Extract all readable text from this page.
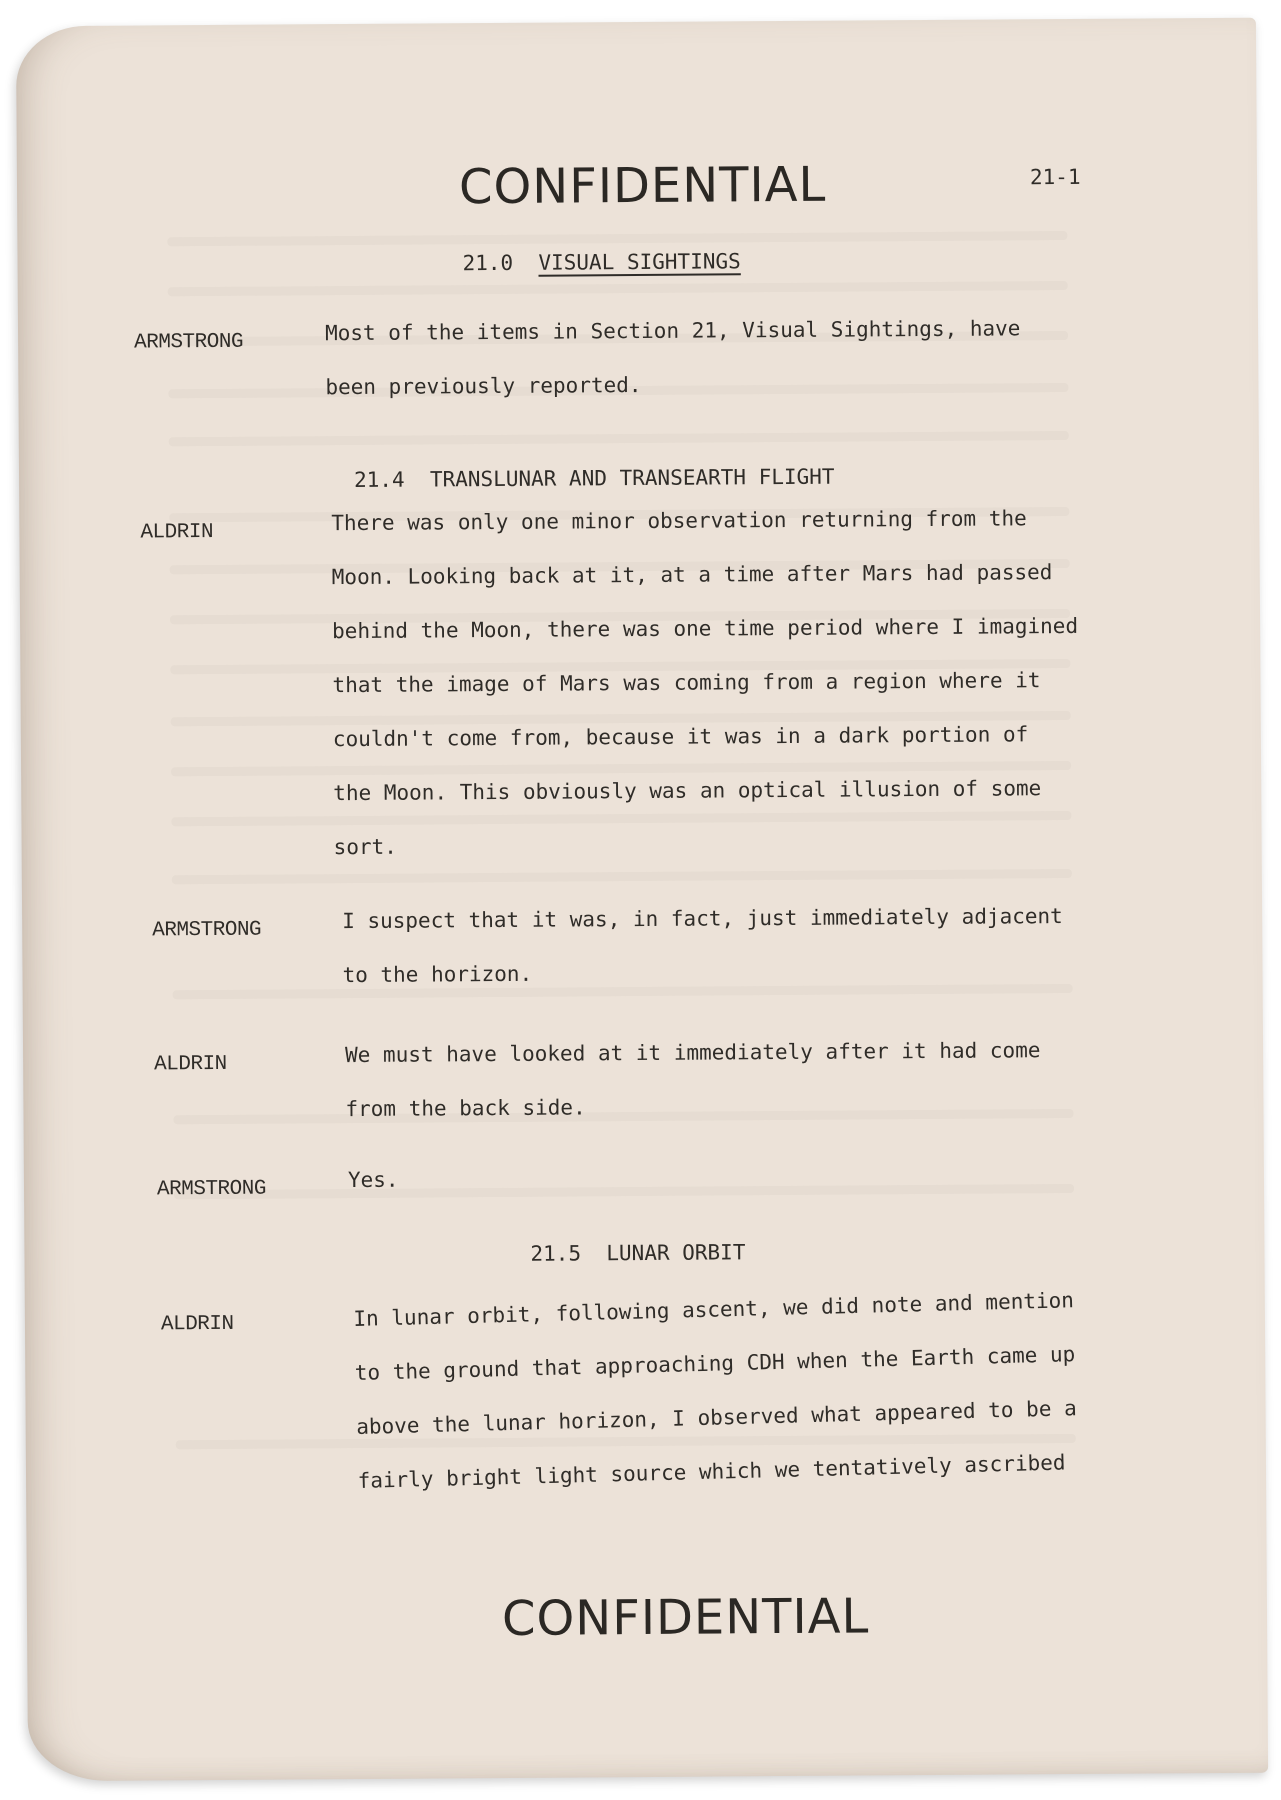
CONFIDENTIAL	21-1
21.0 VISUAL SIGHTINGS
ARMSTRONG	Most of the items in Section 21, Visual Sightings, have
been previously reported.
21.4 TRANSLUNAR AND TRANSEARTH FLIGHT
ALDRIN	There was only one minor observation returning from the
Moon. Looking back at it, at a time after Mars had passed
behind the Moon, there was one time period where I imagined
that the image of Mars was coming from a region where it
couldn't come from, because it was in a dark portion of
the Moon. This obviously was an optical illusion of some
sort.
ARMSTRONG	I suspect that it was, in fact, just immediately adjacent
to the horizon.
ALDRIN	We must have looked at it immediately after it had come
from the back side.
ARMSTRONG	Yes.
21.5 LUNAR ORBIT
ALDRIN	In lunar orbit, following ascent, we did note and mention
to the ground that approaching CDH when the Earth came up
above the lunar horizon, I observed what appeared to be a
fairly bright light source which we tentatively ascribed
CONFIDENTIAL
